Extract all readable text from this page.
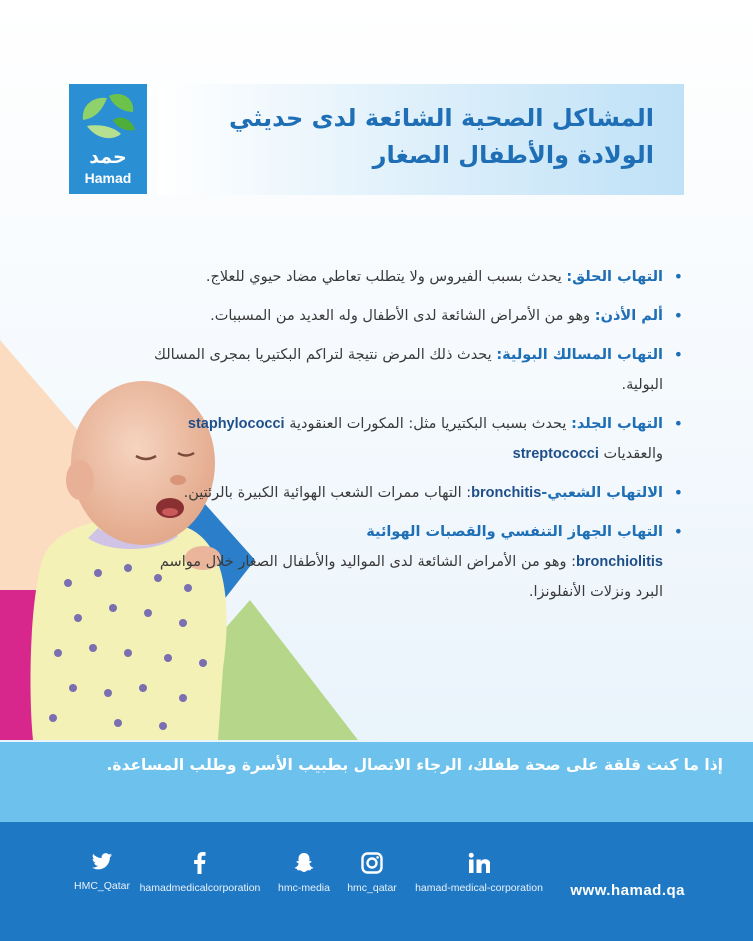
حمد
Hamad
المشاكل الصحية الشائعة لدى حديثي
الولادة والأطفال الصغار
• التهاب الحلق: يحدث بسبب الفيروس ولا يتطلب تعاطي مضاد حيوي للعلاج.
• ألم الأذن: وهو من الأمراض الشائعة لدى الأطفال وله العديد من المسببات.
• التهاب المسالك البولية: يحدث ذلك المرض نتيجة لتراكم البكتيريا بمجرى المسالك البولية.
• التهاب الجلد: يحدث بسبب البكتيريا مثل: المكورات العنقودية staphylococci والعقديات streptococci
• الالتهاب الشعبي-bronchitis: التهاب ممرات الشعب الهوائية الكبيرة بالرئتين.
• التهاب الجهاز التنفسي والقصبات الهوائية
bronchiolitis: وهو من الأمراض الشائعة لدى المواليد والأطفال الصغار خلال مواسم البرد ونزلات الأنفلونزا.
إذا ما كنت قلقة على صحة طفلك، الرجاء الاتصال بطبيب الأسرة وطلب المساعدة.
HMC_Qatar hamadmedicalcorporation	hmc-media	hmc_qatar	hamad-medical-corporation	www.hamad.qa
